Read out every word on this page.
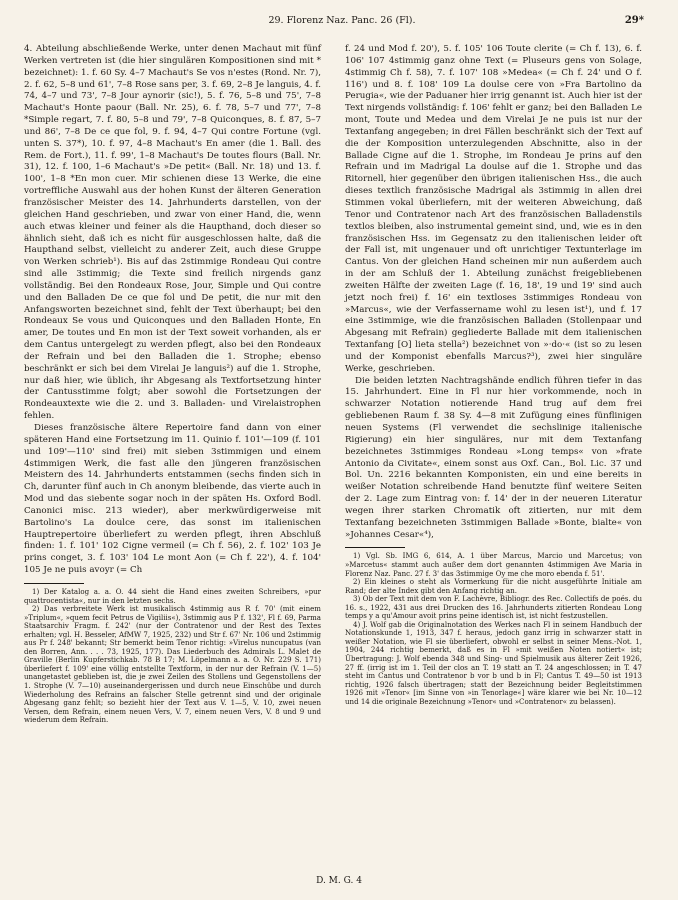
29. Florenz Naz. Panc. 26 (Fl).	29*

4. Abteilung abschließende Werke, unter denen Machaut mit fünf Werken vertreten ist (die hier singulären Kompositionen sind mit * bezeichnet): 1. f. 60 Sy. 4–7 Machaut's Se vos n'estes (Rond. Nr. 7), 2. f. 62, 5–8 und 61', 7–8 Rose sans per, 3. f. 69, 2–8 Je languis, 4. f. 74, 4–7 und 73', 7–8 Jour aynorir (sic!), 5. f. 76, 5–8 und 75', 7–8 Machaut's Honte paour (Ball. Nr. 25), 6. f. 78, 5–7 und 77', 7–8 *Simple regart, 7. f. 80, 5–8 und 79', 7–8 Quiconques, 8. f. 87, 5–7 und 86', 7–8 De ce que fol, 9. f. 94, 4–7 Qui contre Fortune (vgl. unten S. 37*), 10. f. 97, 4–8 Machaut's En amer (die 1. Ball. des Rem. de Fort.), 11. f. 99', 1–8 Machaut's De toutes flours (Ball. Nr. 31), 12. f. 100, 1–6 Machaut's »De petit« (Ball. Nr. 18) und 13. f. 100', 1–8 *En mon cuer. Mir schienen diese 13 Werke, die eine vortreffliche Auswahl aus der hohen Kunst der älteren Generation französischer Meister des 14. Jahrhunderts darstellen, von der gleichen Hand geschrieben, und zwar von einer Hand, die, wenn auch etwas kleiner und feiner als die Haupthand, doch dieser so ähnlich sieht, daß ich es nicht für ausgeschlossen halte, daß die Haupthand selbst, vielleicht zu anderer Zeit, auch diese Gruppe von Werken schrieb¹). Bis auf das 2stimmige Rondeau Qui contre sind alle 3stimmig; die Texte sind freilich nirgends ganz vollständig. Bei den Rondeaux Rose, Jour, Simple und Qui contre und den Balladen De ce que fol und De petit, die nur mit den Anfangsworten bezeichnet sind, fehlt der Text überhaupt; bei den Rondeaux Se vous und Quiconques und den Balladen Honte, En amer, De toutes und En mon ist der Text soweit vorhanden, als er dem Cantus untergelegt zu werden pflegt, also bei den Rondeaux der Refrain und bei den Balladen die 1. Strophe; ebenso beschränkt er sich bei dem Virelai Je languis²) auf die 1. Strophe, nur daß hier, wie üblich, ihr Abgesang als Textfortsetzung hinter der Cantusstimme folgt; aber sowohl die Fortsetzungen der Rondeauxtexte wie die 2. und 3. Balladen- und Virelaistrophen fehlen.

Dieses französische ältere Repertoire fand dann von einer späteren Hand eine Fortsetzung im 11. Quinio f. 101'—109 (f. 101 und 109'—110' sind frei) mit sieben 3stimmigen und einem 4stimmigen Werk, die fast alle den jüngeren französischen Meistern des 14. Jahrhunderts entstammen (sechs finden sich in Ch, darunter fünf auch in Ch anonym bleibende, das vierte auch in Mod und das siebente sogar noch in der späten Hs. Oxford Bodl. Canonici misc. 213 wieder), aber merkwürdigerweise mit Bartolino's La doulce cere, das sonst im italienischen Hauptrepertoire überliefert zu werden pflegt, ihren Abschluß finden: 1. f. 101' 102 Cigne vermeil (= Ch f. 56), 2. f. 102' 103 Je prins conget, 3. f. 103' 104 Le mont Aon (= Ch f. 22'), 4. f. 104' 105 Je ne puis avoyr (= Ch

1) Der Katalog a. a. O. 44 sieht die Hand eines zweiten Schreibers, »pur quattrocentista«, nur in den letzten sechs.

2) Das verbreitete Werk ist musikalisch 4stimmig aus R f. 70' (mit einem »Triplum«, »quem fecit Petrus de Vigiliis«), 3stimmig aus P f. 132', Fl f. 69, Parma Staatsarchiv Fragm. f. 242' (nur der Contratenor und der Rest des Textes erhalten; vgl. H. Besseler, AfMW 7, 1925, 232) und Str f. 67' Nr. 106 und 2stimmig aus Pr f. 248' bekannt; Str bemerkt beim Tenor richtig: »Virelus nuncupatus (van den Borren, Ann. . . . 73, 1925, 177). Das Liederbuch des Admirals L. Malet de Graville (Berlin Kupferstichkab. 78 B 17; M. Löpelmann a. a. O. Nr. 229 S. 171) überliefert f. 109' eine völlig entstellte Textform, in der nur der Refrain (V. 1—5) unangetastet geblieben ist, die je zwei Zeilen des Stollens und Gegenstollens der 1. Strophe (V. 7—10) auseinandergerissen und durch neue Einschübe und durch Wiederholung des Refrains an falscher Stelle getrennt sind und der originale Abgesang ganz fehlt; so bezieht hier der Text aus V. 1—5, V. 10, zwei neuen Versen, dem Refrain, einem neuen Vers, V. 7, einem neuen Vers, V. 8 und 9 und wiederum dem Refrain.

f. 24 und Mod f. 20'), 5. f. 105' 106 Toute clerite (= Ch f. 13), 6. f. 106' 107 4stimmig ganz ohne Text (= Pluseurs gens von Solage, 4stimmig Ch f. 58), 7. f. 107' 108 »Medea« (= Ch f. 24' und O f. 116') und 8. f. 108' 109 La doulse cere von »Fra Bartolino da Perugia«, wie der Paduaner hier irrig genannt ist. Auch hier ist der Text nirgends vollständig: f. 106' fehlt er ganz; bei den Balladen Le mont, Toute und Medea und dem Virelai Je ne puis ist nur der Textanfang angegeben; in drei Fällen beschränkt sich der Text auf die der Komposition unterzulegenden Abschnitte, also in der Ballade Cigne auf die 1. Strophe, im Rondeau Je prins auf den Refrain und im Madrigal La doulse auf die 1. Strophe und das Ritornell, hier gegenüber den übrigen italienischen Hss., die auch dieses textlich französische Madrigal als 3stimmig in allen drei Stimmen vokal überliefern, mit der weiteren Abweichung, daß Tenor und Contratenor nach Art des französischen Balladenstils textlos bleiben, also instrumental gemeint sind, und, wie es in den französischen Hss. im Gegensatz zu den italienischen leider oft der Fall ist, mit ungenauer und oft unrichtiger Textunterlage im Cantus. Von der gleichen Hand scheinen mir nun außerdem auch in der am Schluß der 1. Abteilung zunächst freigebliebenen zweiten Hälfte der zweiten Lage (f. 16, 18', 19 und 19' sind auch jetzt noch frei) f. 16' ein textloses 3stimmiges Rondeau von »Marcus«, wie der Verfassername wohl zu lesen ist¹), und f. 17 eine 3stimmige, wie die französischen Balladen (Stollenpaar und Abgesang mit Refrain) gegliederte Ballade mit dem italienischen Textanfang [O] lieta stella²) bezeichnet von »·do·« (ist so zu lesen und der Komponist ebenfalls Marcus?³), zwei hier singuläre Werke, geschrieben.

Die beiden letzten Nachtragshände endlich führen tiefer in das 15. Jahrhundert. Eine in Fl nur hier vorkommende, noch in schwarzer Notation notierende Hand trug auf dem frei gebliebenen Raum f. 38 Sy. 4—8 mit Zufügung eines fünflinigen neuen Systems (Fl verwendet die sechslinige italienische Rigierung) ein hier singuläres, nur mit dem Textanfang bezeichnetes 3stimmiges Rondeau »Long temps« von »frate Antonio da Civitate«, einem sonst aus Oxf. Can., Bol. Lic. 37 und Bol. Un. 2216 bekannten Komponisten, ein und eine bereits in weißer Notation schreibende Hand benutzte fünf weitere Seiten der 2. Lage zum Eintrag von: f. 14' der in der neueren Literatur wegen ihrer starken Chromatik oft zitierten, nur mit dem Textanfang bezeichneten 3stimmigen Ballade »Bonte, bialte« von »Johannes Cesar«⁴),

1) Vgl. Sb. IMG 6, 614, A. 1 über Marcus, Marcio und Marcetus; von »Marcetus« stammt auch außer dem dort genannten 4stimmigen Ave Maria in Florenz Naz. Panc. 27 f. 3' das 3stimmige Oy me che moro ebenda f. 51'.

2) Ein kleines o steht als Vormerkung für die nicht ausgeführte Initiale am Rand; der alte Index gibt den Anfang richtig an.

3) Ob der Text mit dem von F. Lachèvre, Bibliogr. des Rec. Collectifs de poés. du 16. s., 1922, 431 aus drei Drucken des 16. Jahrhunderts zitierten Rondeau Long temps y a qu'Amour avoit prins peine identisch ist, ist nicht festzustellen.

4) J. Wolf gab die Originalnotation des Werkes nach Fl in seinem Handbuch der Notationskunde 1, 1913, 347 f. heraus, jedoch ganz irrig in schwarzer statt in weißer Notation, wie Fl sie überliefert, obwohl er selbst in seiner Mens.-Not. 1, 1904, 244 richtig bemerkt, daß es in Fl »mit weißen Noten notiert« ist; Übertragung: J. Wolf ebenda 348 und Sing- und Spielmusik aus älterer Zeit 1926, 27 ff. (irrig ist im 1. Teil der clos an T. 19 statt an T. 24 angeschlossen; in T. 47 steht im Cantus und Contratenor b vor b und b in Fl; Cantus T. 49—50 ist 1913 richtig, 1926 falsch übertragen; statt der Bezeichnung beider Begleitstimmen 1926 mit »Tenor« [im Sinne von »in Tenorlage«] wäre klarer wie bei Nr. 10—12 und 14 die originale Bezeichnung »Tenor« und »Contratenor« zu belassen).

D. M. G. 4
